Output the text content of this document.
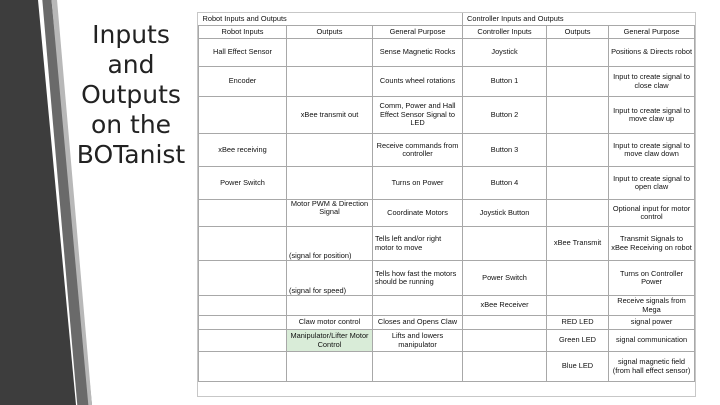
Inputs
and
Outputs
on the
BOTanist
Robot Inputs and Outputs			Controller Inputs and Outputs		
Robot Inputs	Outputs	General Purpose	Controller Inputs	Outputs	General Purpose
Hall Effect Sensor		Sense Magnetic Rocks	Joystick		Positions & Directs robot
Encoder		Counts wheel rotations	Button 1		Input to create signal to close claw
	xBee transmit out	Comm, Power and Hall Effect Sensor Signal to LED	Button 2		Input to create signal to move claw up
xBee receiving		Receive commands from controller	Button 3		Input to create signal to move claw down
Power Switch		Turns on Power	Button 4		Input to create signal to open claw
	Motor PWM & Direction Signal	Coordinate Motors	Joystick Button		Optional input for motor control
	(signal for position)	Tells left and/or right motor to move		xBee Transmit	Transmit Signals to xBee Receiving on robot
	(signal for speed)	Tells how fast the motors should be running	Power Switch		Turns on Controller Power
			xBee Receiver		Receive signals from Mega
	Claw motor control	Closes and Opens Claw		RED LED	signal power
	Manipulator/Lifter Motor Control	Lifts and lowers manipulator		Green LED	signal communication
				Blue LED	signal magnetic field (from hall effect sensor)
